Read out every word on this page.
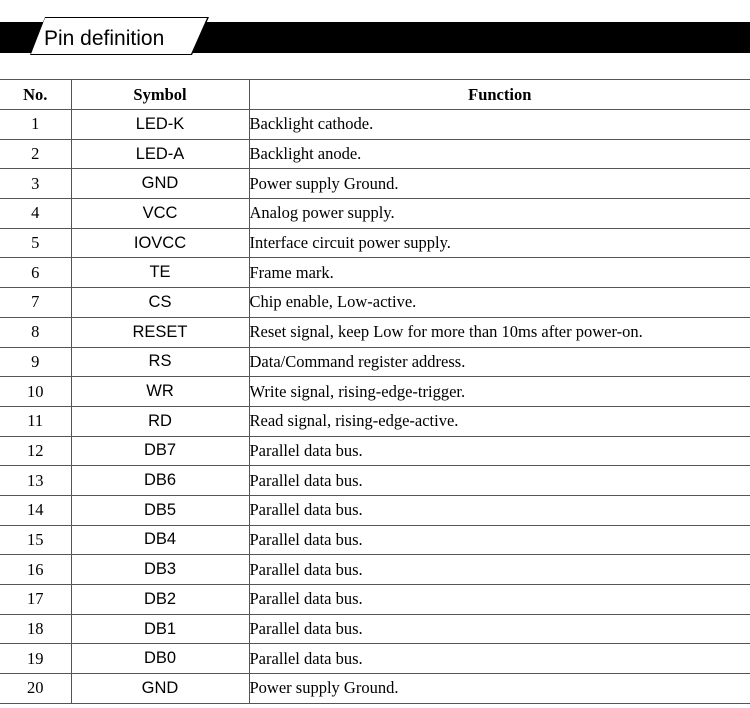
Pin definition
No.	Symbol	Function
1	LED-K	Backlight cathode.
2	LED-A	Backlight anode.
3	GND	Power supply Ground.
4	VCC	Analog power supply.
5	IOVCC	Interface circuit power supply.
6	TE	Frame mark.
7	CS	Chip enable, Low-active.
8	RESET	Reset signal, keep Low for more than 10ms after power-on.
9	RS	Data/Command register address.
10	WR	Write signal, rising-edge-trigger.
11	RD	Read signal, rising-edge-active.
12	DB7	Parallel data bus.
13	DB6	Parallel data bus.
14	DB5	Parallel data bus.
15	DB4	Parallel data bus.
16	DB3	Parallel data bus.
17	DB2	Parallel data bus.
18	DB1	Parallel data bus.
19	DB0	Parallel data bus.
20	GND	Power supply Ground.
